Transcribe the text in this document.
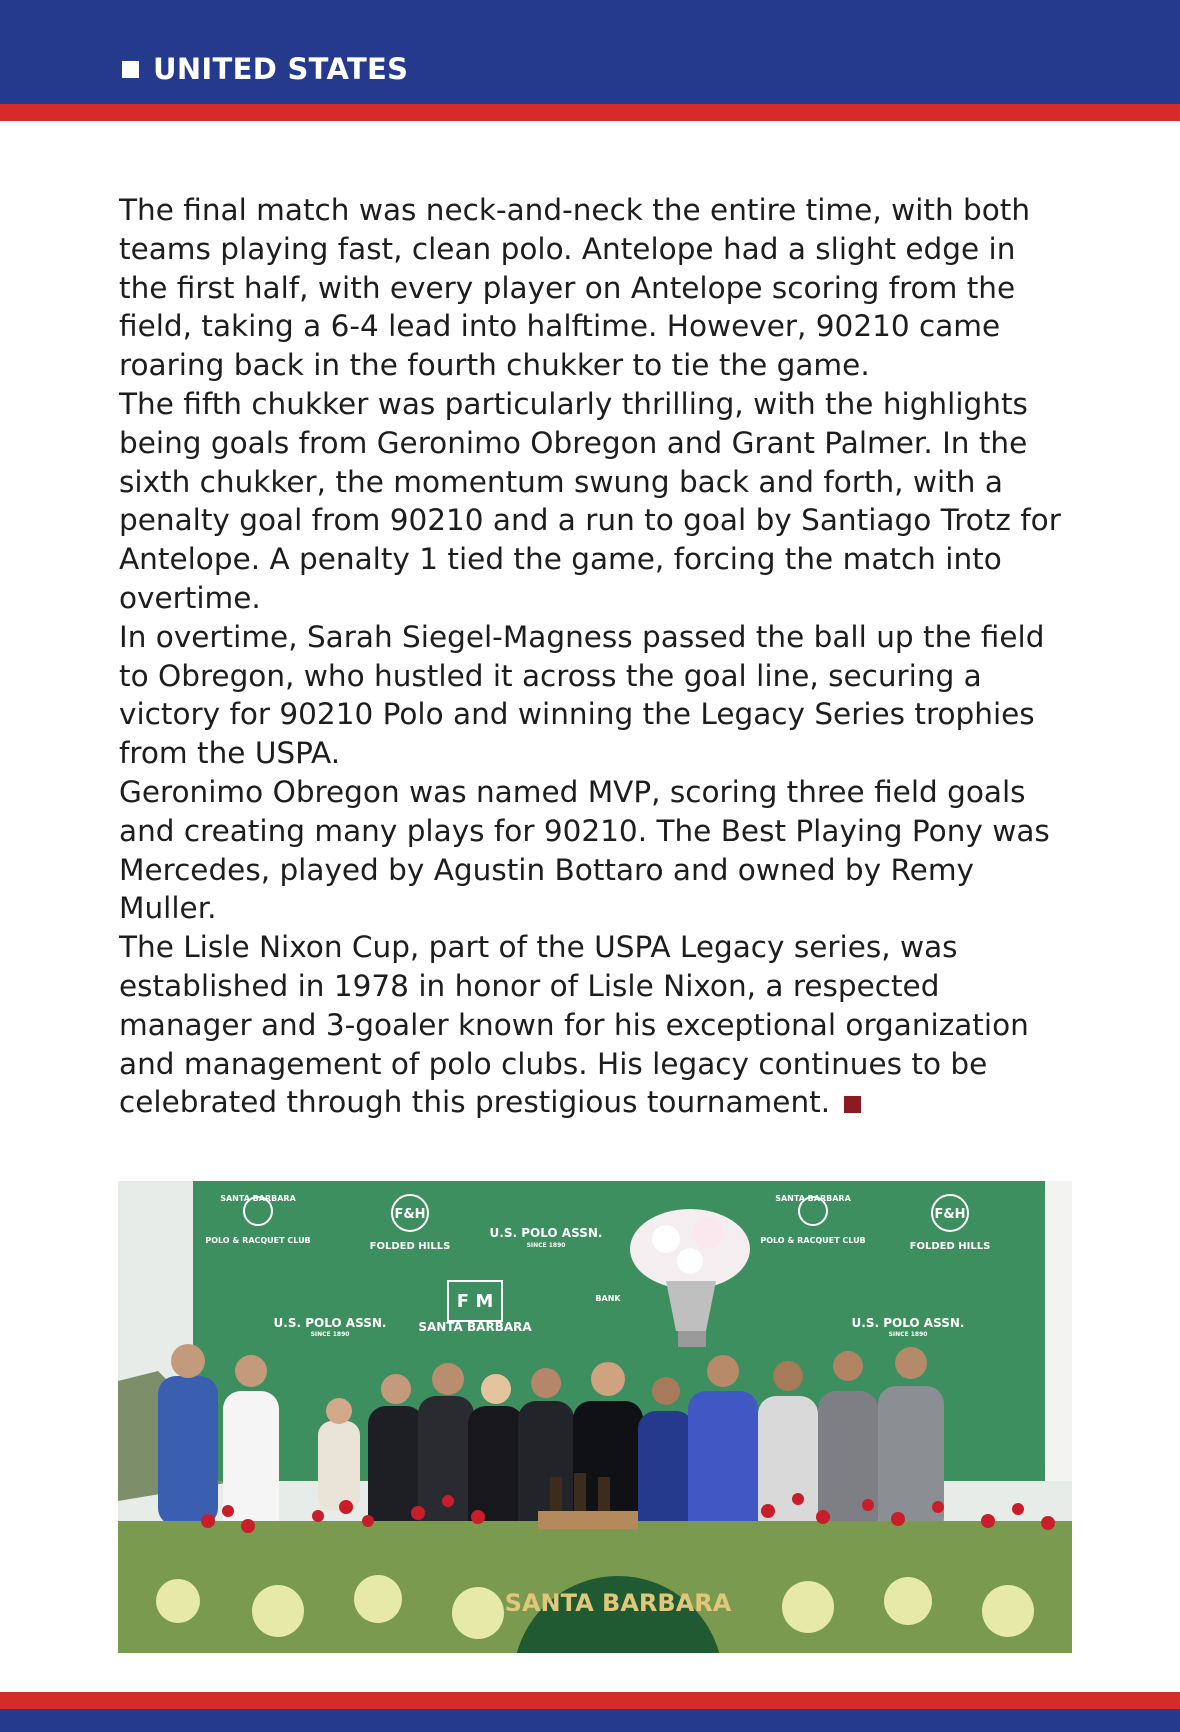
UNITED STATES

The final match was neck-and-neck the entire time, with both teams playing fast, clean polo. Antelope had a slight edge in the first half, with every player on Antelope scoring from the field, taking a 6-4 lead into halftime. However, 90210 came roaring back in the fourth chukker to tie the game.

The fifth chukker was particularly thrilling, with the highlights being goals from Geronimo Obregon and Grant Palmer. In the sixth chukker, the momentum swung back and forth, with a penalty goal from 90210 and a run to goal by Santiago Trotz for Antelope. A penalty 1 tied the game, forcing the match into overtime.

In overtime, Sarah Siegel-Magness passed the ball up the field to Obregon, who hustled it across the goal line, securing a victory for 90210 Polo and winning the Legacy Series trophies from the USPA.

Geronimo Obregon was named MVP, scoring three field goals and creating many plays for 90210. The Best Playing Pony was Mercedes, played by Agustin Bottaro and owned by Remy Muller.

The Lisle Nixon Cup, part of the USPA Legacy series, was established in 1978 in honor of Lisle Nixon, a respected manager and 3-goaler known for his exceptional organization and management of polo clubs. His legacy continues to be celebrated through this prestigious tournament.

SANTA BARBARA
POLO & RACQUET CLUB
F&H
FOLDED HILLS
U.S. POLO ASSN.
SINCE 1890
SANTA BARBARA
POLO & RACQUET CLUB
F&H
FOLDED HILLS
U.S. POLO ASSN.
SINCE 1890
F M
SANTA BARBARA	U.S. POLO ASSN.
SINCE 1890
BANK
SANTA BARBARA
